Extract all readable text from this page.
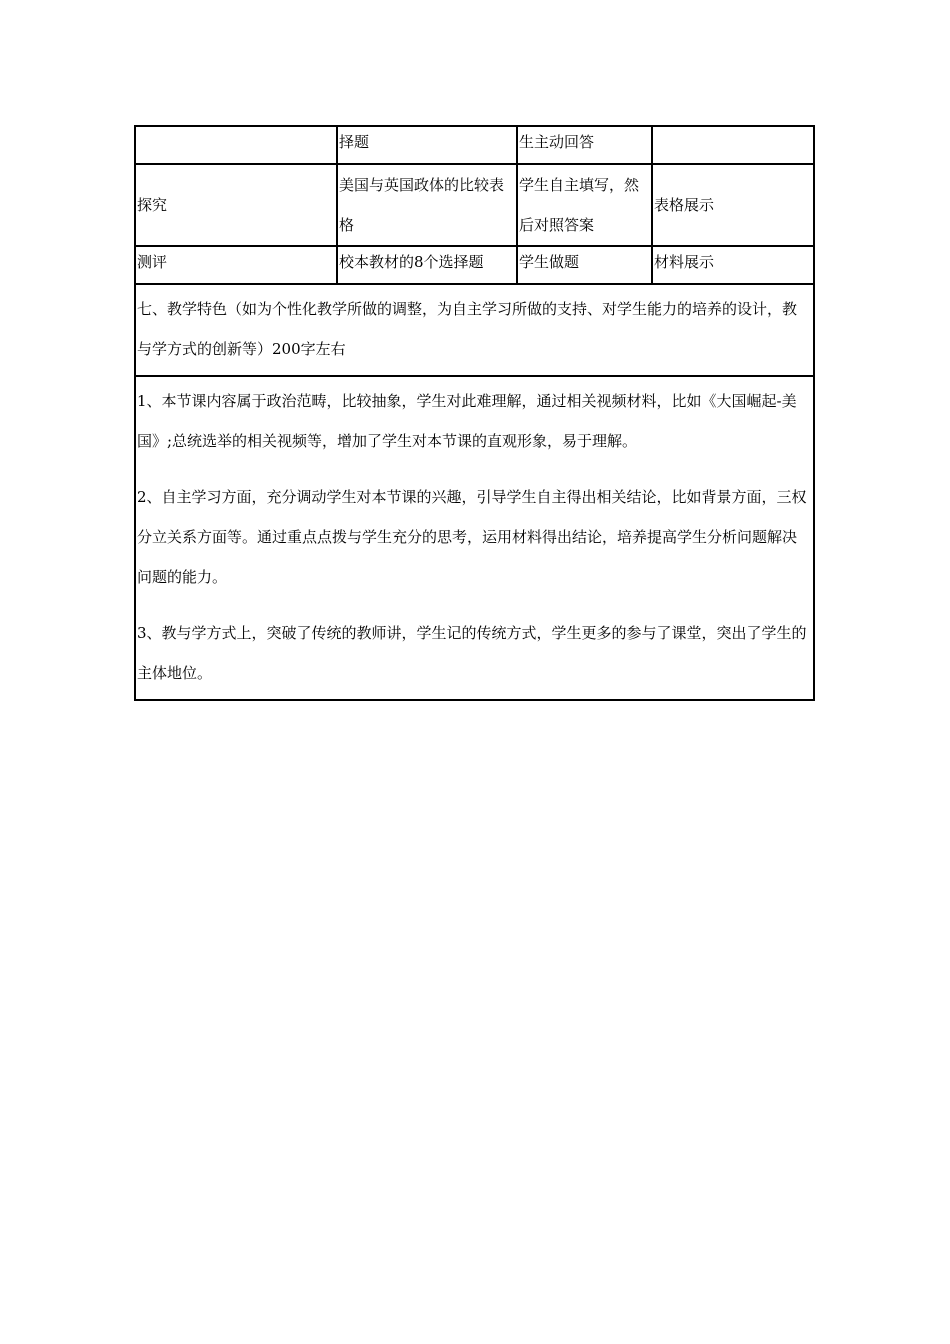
	择题	生主动回答	
探究	美国与英国政体的比较表格	学生自主填写，然后对照答案	表格展示
测评	校本教材的8个选择题	学生做题	材料展示
七、教学特色（如为个性化教学所做的调整，为自主学习所做的支持、对学生能力的培养的设计，教与学方式的创新等）200字左右			

1、本节课内容属于政治范畴，比较抽象，学生对此难理解，通过相关视频材料，比如《大国崛起-美国》;总统选举的相关视频等，增加了学生对本节课的直观形象，易于理解。
2、自主学习方面，充分调动学生对本节课的兴趣，引导学生自主得出相关结论，比如背景方面，三权分立关系方面等。通过重点点拨与学生充分的思考，运用材料得出结论，培养提高学生分析问题解决问题的能力。
3、教与学方式上，突破了传统的教师讲，学生记的传统方式，学生更多的参与了课堂，突出了学生的主体地位。			
